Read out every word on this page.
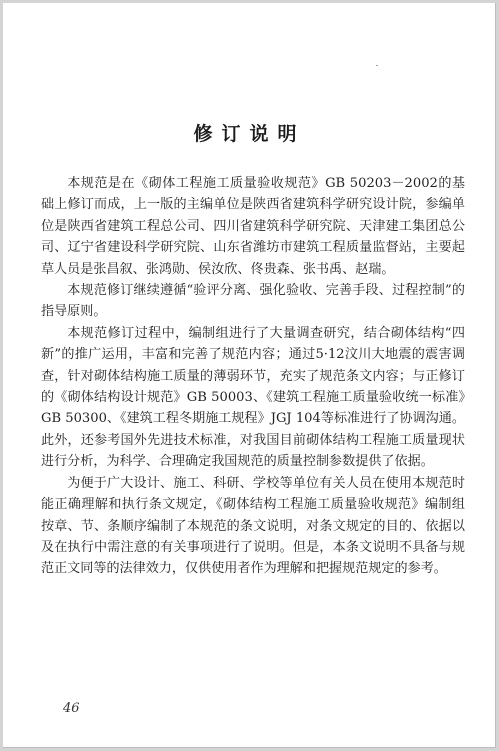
修订说明

本规范是在《砌体工程施工质量验收规范》GB 50203－2002的基础上修订而成，上一版的主编单位是陕西省建筑科学研究设计院，参编单位是陕西省建筑工程总公司、四川省建筑科学研究院、天津建工集团总公司、辽宁省建设科学研究院、山东省潍坊市建筑工程质量监督站，主要起草人员是张昌叙、张鸿勋、侯汝欣、佟贵森、张书禹、赵瑞。

本规范修订继续遵循“验评分离、强化验收、完善手段、过程控制”的指导原则。

本规范修订过程中，编制组进行了大量调查研究，结合砌体结构“四新”的推广运用，丰富和完善了规范内容；通过5·12汶川大地震的震害调查，针对砌体结构施工质量的薄弱环节，充实了规范条文内容；与正修订的《砌体结构设计规范》GB 50003、《建筑工程施工质量验收统一标准》GB 50300、《建筑工程冬期施工规程》JGJ 104等标准进行了协调沟通。此外，还参考国外先进技术标准，对我国目前砌体结构工程施工质量现状进行分析，为科学、合理确定我国规范的质量控制参数提供了依据。

为便于广大设计、施工、科研、学校等单位有关人员在使用本规范时能正确理解和执行条文规定，《砌体结构工程施工质量验收规范》编制组按章、节、条顺序编制了本规范的条文说明，对条文规定的目的、依据以及在执行中需注意的有关事项进行了说明。但是，本条文说明不具备与规范正文同等的法律效力，仅供使用者作为理解和把握规范规定的参考。

46
